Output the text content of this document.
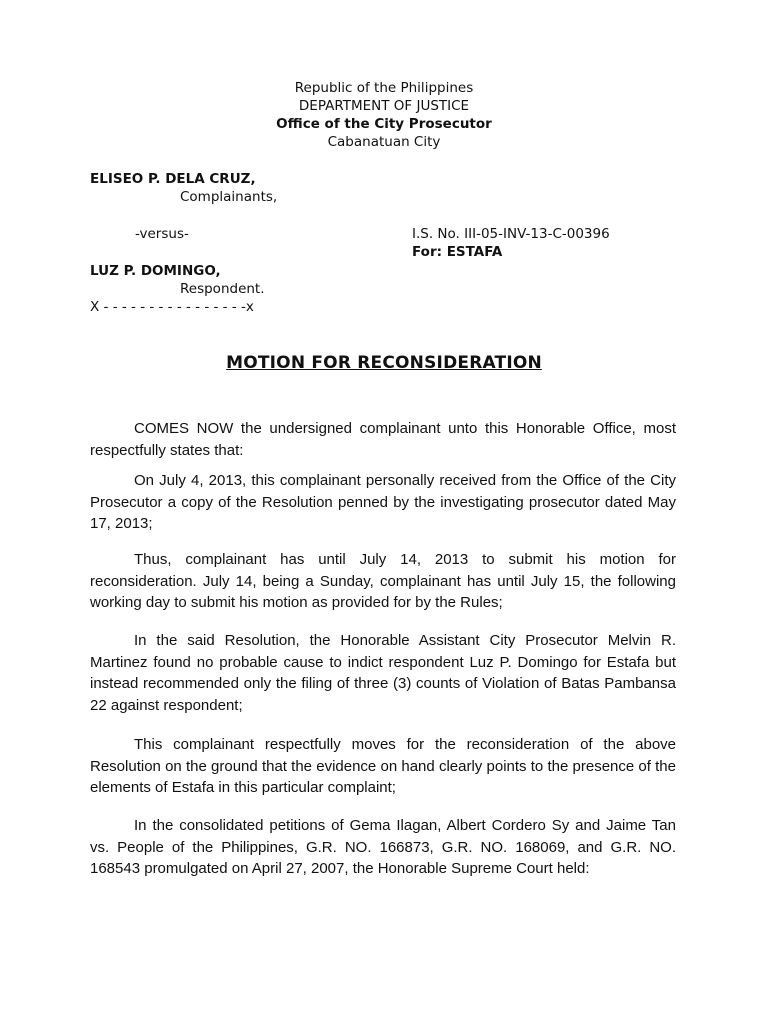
Republic of the Philippines
DEPARTMENT OF JUSTICE
Office of the City Prosecutor
Cabanatuan City
ELISEO P. DELA CRUZ,
Complainants,
-versus-	I.S. No. III-05-INV-13-C-00396
For: ESTAFA
LUZ P. DOMINGO,
Respondent.
X - - - - - - - - - - - - - - - -x
MOTION FOR RECONSIDERATION

COMES NOW the undersigned complainant unto this Honorable Office, most respectfully states that:

On July 4, 2013, this complainant personally received from the Office of the City Prosecutor a copy of the Resolution penned by the investigating prosecutor dated May 17, 2013;

Thus, complainant has until July 14, 2013 to submit his motion for reconsideration. July 14, being a Sunday, complainant has until July 15, the following working day to submit his motion as provided for by the Rules;

In the said Resolution, the Honorable Assistant City Prosecutor Melvin R. Martinez found no probable cause to indict respondent Luz P. Domingo for Estafa but instead recommended only the filing of three (3) counts of Violation of Batas Pambansa 22 against respondent;

This complainant respectfully moves for the reconsideration of the above Resolution on the ground that the evidence on hand clearly points to the presence of the elements of Estafa in this particular complaint;

In the consolidated petitions of Gema Ilagan, Albert Cordero Sy and Jaime Tan vs. People of the Philippines, G.R. NO. 166873, G.R. NO. 168069, and G.R. NO. 168543 promulgated on April 27, 2007, the Honorable Supreme Court held:
